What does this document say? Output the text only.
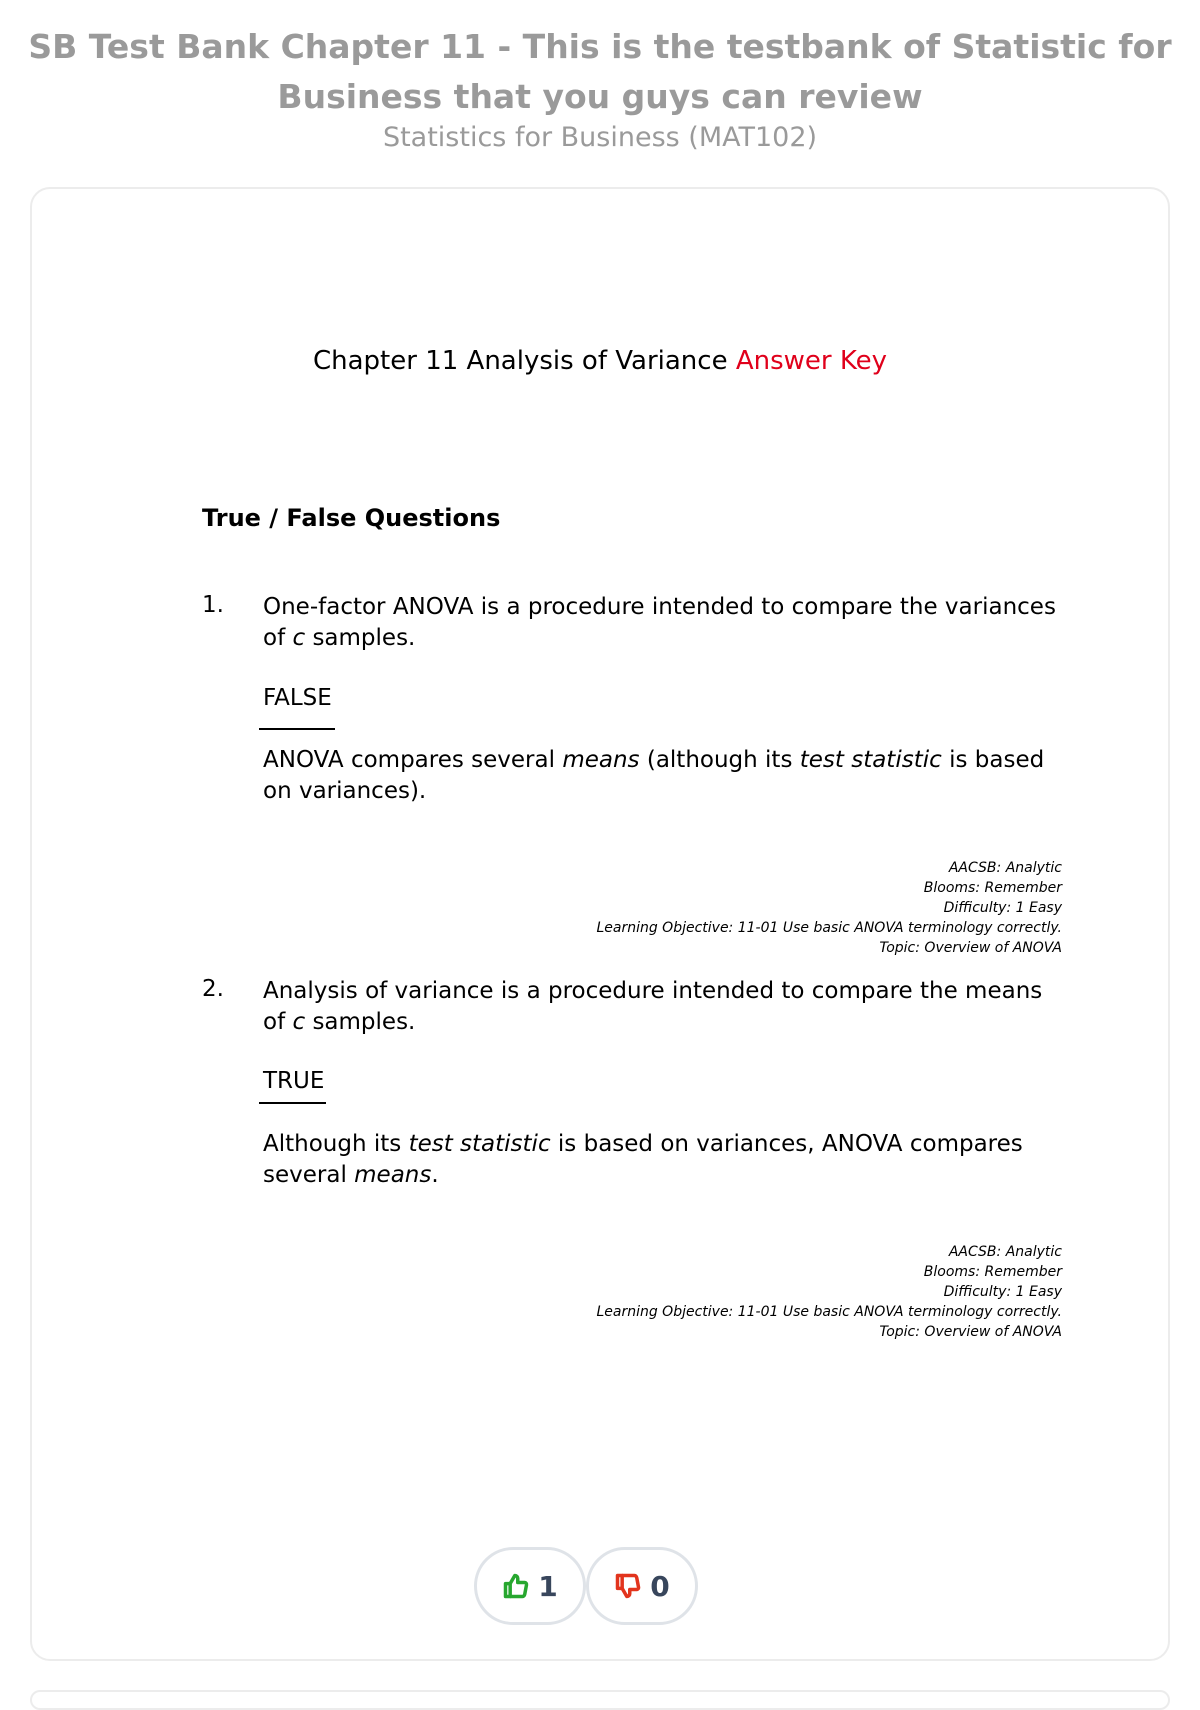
SB Test Bank Chapter 11 - This is the testbank of Statistic for Business that you guys can review
Statistics for Business (MAT102)
Chapter 11 Analysis of Variance Answer Key
True / False Questions
1. One-factor ANOVA is a procedure intended to compare the variances of c samples.
FALSE
ANOVA compares several means (although its test statistic is based on variances).
AACSB: Analytic
Blooms: Remember
Difficulty: 1 Easy
Learning Objective: 11-01 Use basic ANOVA terminology correctly.
Topic: Overview of ANOVA
2. Analysis of variance is a procedure intended to compare the means of c samples.
TRUE
Although its test statistic is based on variances, ANOVA compares several means.
AACSB: Analytic
Blooms: Remember
Difficulty: 1 Easy
Learning Objective: 11-01 Use basic ANOVA terminology correctly.
Topic: Overview of ANOVA
1	0
